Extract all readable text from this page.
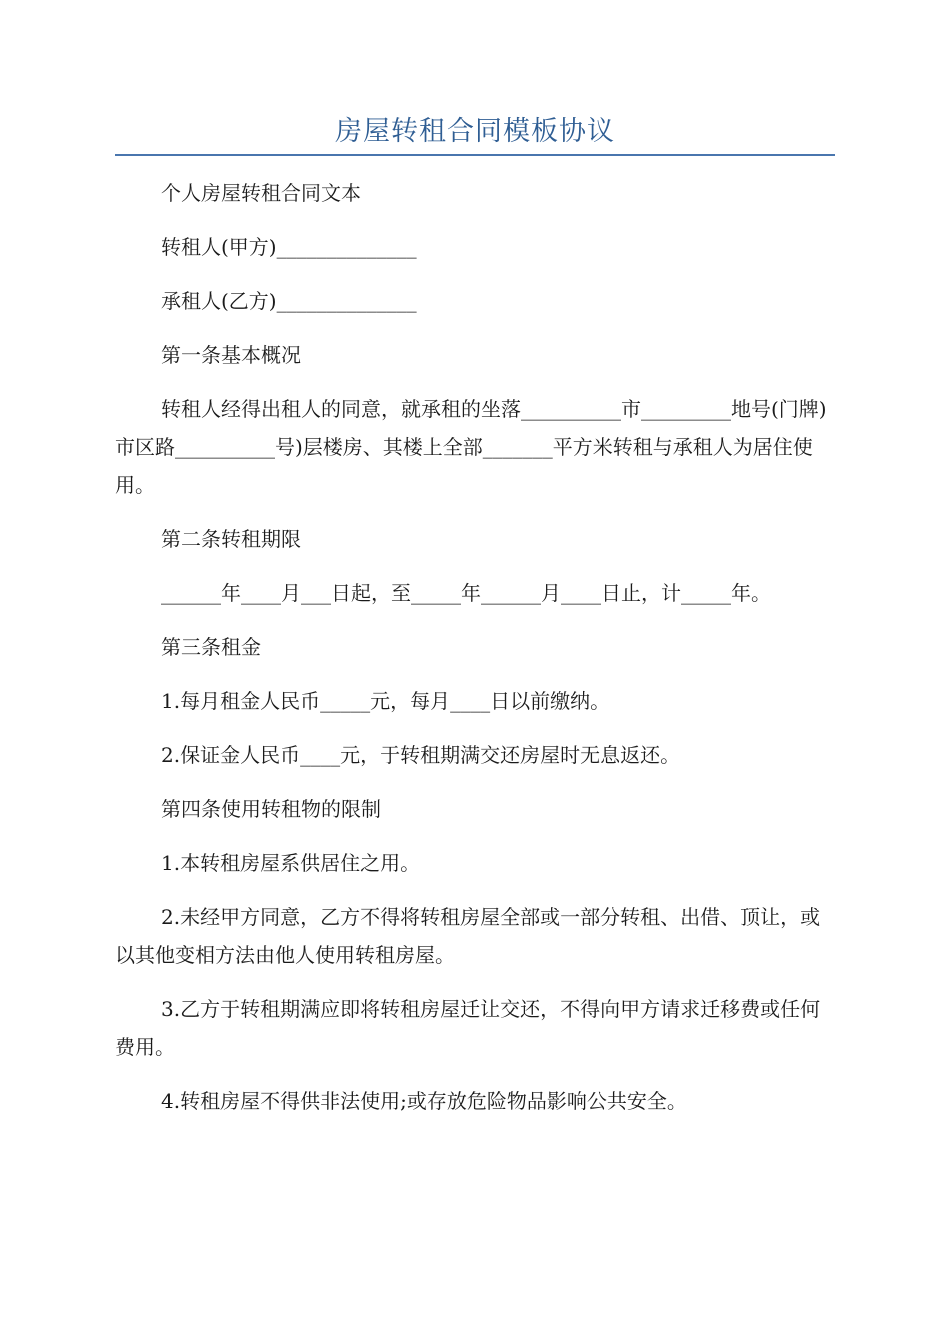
房屋转租合同模板协议

个人房屋转租合同文本

转租人(甲方)______________

承租人(乙方)______________

第一条基本概况

转租人经得出租人的同意，就承租的坐落__________市_________地号(门牌)市区路__________号)层楼房、其楼上全部_______平方米转租与承租人为居住使用。

第二条转租期限

______年____月___日起，至_____年______月____日止，计_____年。

第三条租金

1.每月租金人民币_____元，每月____日以前缴纳。

2.保证金人民币____元，于转租期满交还房屋时无息返还。

第四条使用转租物的限制

1.本转租房屋系供居住之用。

2.未经甲方同意，乙方不得将转租房屋全部或一部分转租、出借、顶让，或以其他变相方法由他人使用转租房屋。

3.乙方于转租期满应即将转租房屋迁让交还，不得向甲方请求迁移费或任何费用。

4.转租房屋不得供非法使用;或存放危险物品影响公共安全。
